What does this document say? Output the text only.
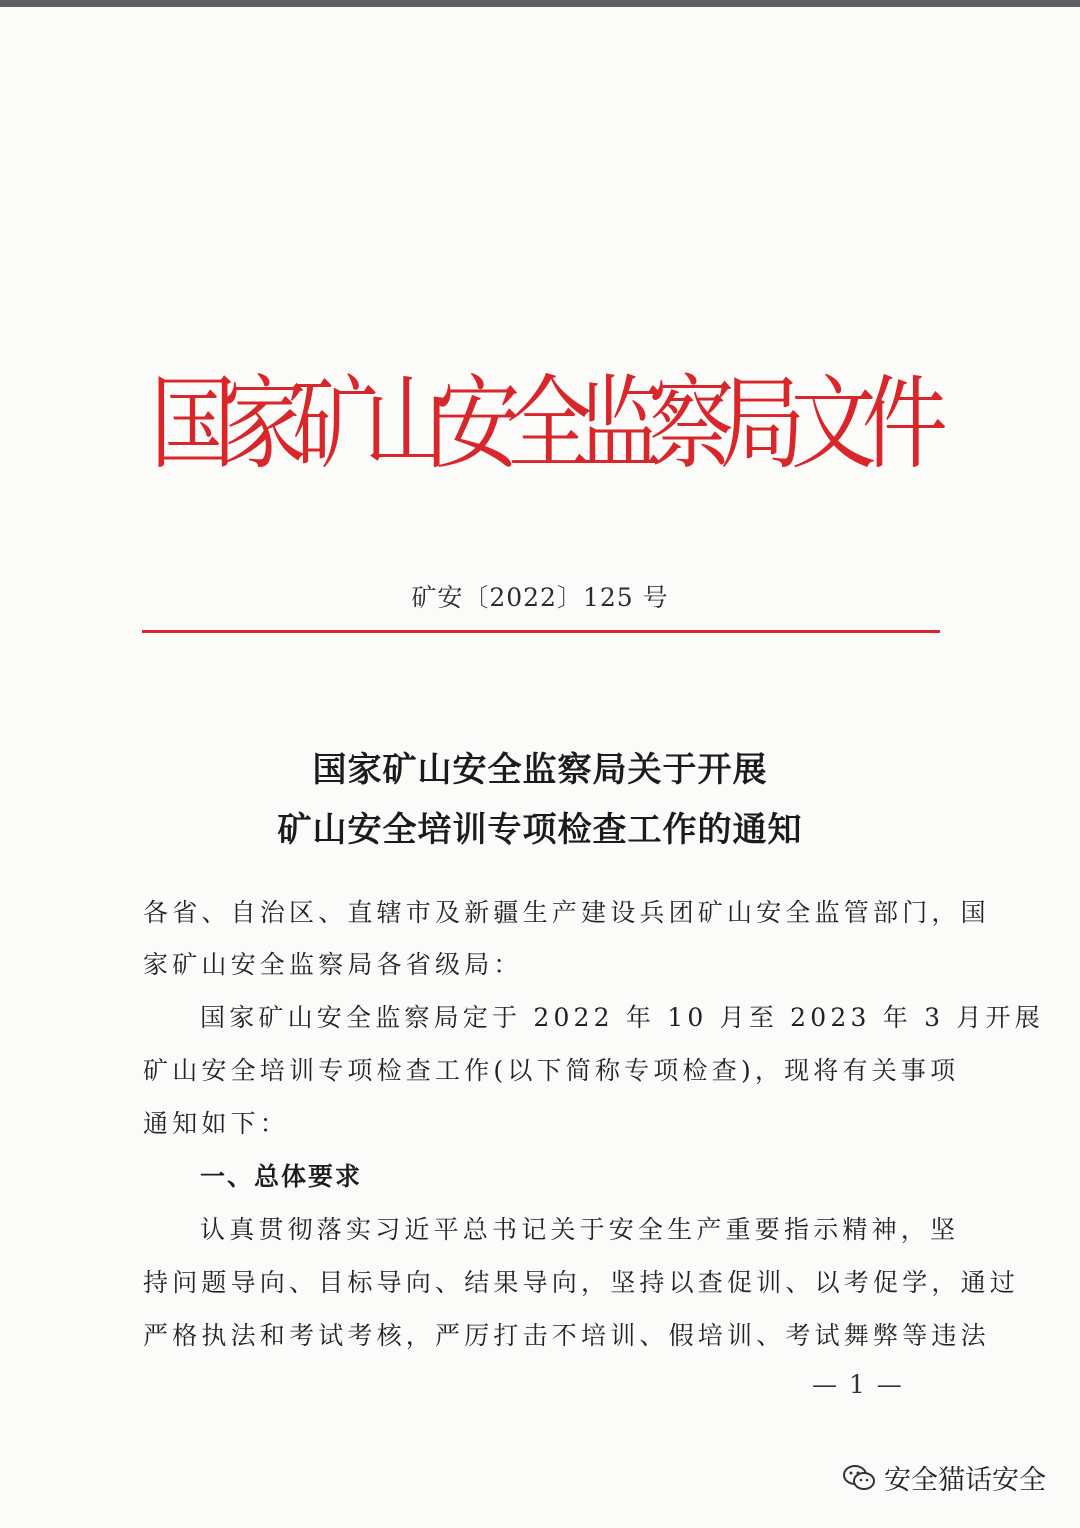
国
家
矿
山
安
全
监
察
局
文
件
矿安〔2022〕125 号
国家矿山安全监察局关于开展
矿山安全培训专项检查工作的通知
各省、自治区、直辖市及新疆生产建设兵团矿山安全监管部门，国
家矿山安全监察局各省级局：
国家矿山安全监察局定于 2022 年 10 月至 2023 年 3 月开展
矿山安全培训专项检查工作(以下简称专项检查)，现将有关事项
通知如下：
一、总体要求
认真贯彻落实习近平总书记关于安全生产重要指示精神，坚
持问题导向、目标导向、结果导向，坚持以查促训、以考促学，通过
严格执法和考试考核，严厉打击不培训、假培训、考试舞弊等违法
— 1 —
安全猫话安全
